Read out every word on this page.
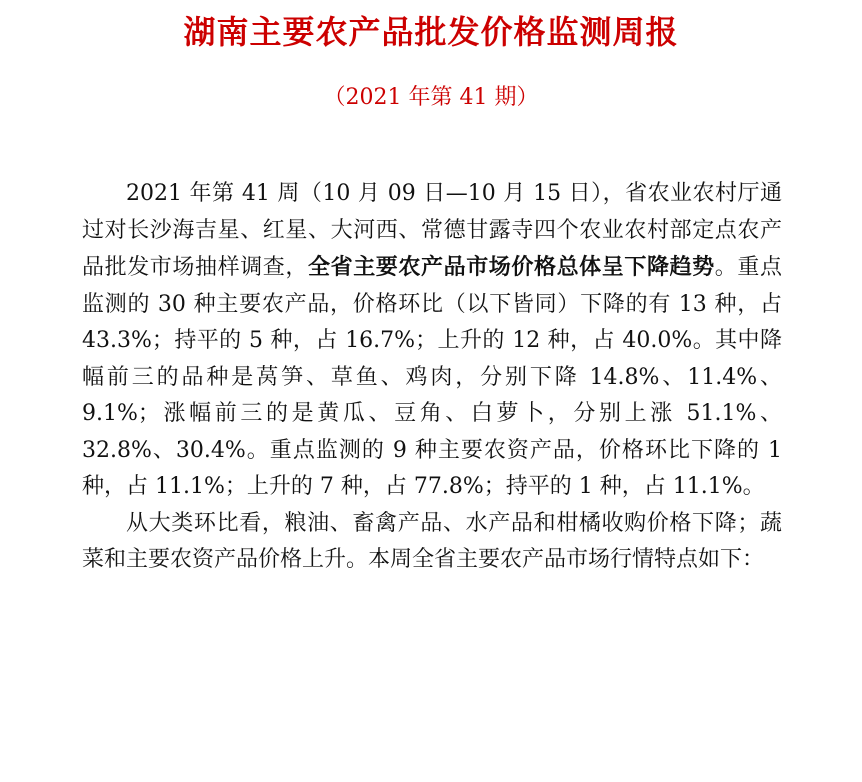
湖南主要农产品批发价格监测周报
（2021 年第 41 期）

2021 年第 41 周（10 月 09 日—10 月 15 日），省农业农村厅通过对长沙海吉星、红星、大河西、常德甘露寺四个农业农村部定点农产品批发市场抽样调查，全省主要农产品市场价格总体呈下降趋势。重点监测的 30 种主要农产品，价格环比（以下皆同）下降的有 13 种，占 43.3%；持平的 5 种，占 16.7%；上升的 12 种，占 40.0%。其中降幅前三的品种是莴笋、草鱼、鸡肉，分别下降 14.8%、11.4%、9.1%；涨幅前三的是黄瓜、豆角、白萝卜，分别上涨 51.1%、32.8%、30.4%。重点监测的 9 种主要农资产品，价格环比下降的 1 种，占 11.1%；上升的 7 种，占 77.8%；持平的 1 种，占 11.1%。

从大类环比看，粮油、畜禽产品、水产品和柑橘收购价格下降；蔬菜和主要农资产品价格上升。本周全省主要农产品市场行情特点如下：
